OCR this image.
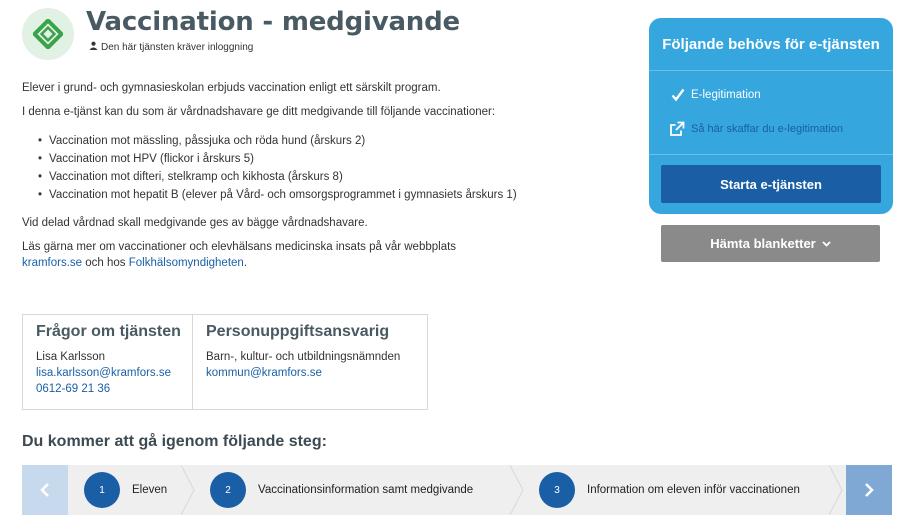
Vaccination - medgivande
Den här tjänsten kräver inloggning

Elever i grund- och gymnasieskolan erbjuds vaccination enligt ett särskilt program.

I denna e-tjänst kan du som är vårdnadshavare ge ditt medgivande till följande vaccinationer:

• Vaccination mot mässling, påssjuka och röda hund (årskurs 2)
• Vaccination mot HPV (flickor i årskurs 5)
• Vaccination mot difteri, stelkramp och kikhosta (årskurs 8)
• Vaccination mot hepatit B (elever på Vård- och omsorgsprogrammet i gymnasiets årskurs 1)

Vid delad vårdnad skall medgivande ges av bägge vårdnadshavare.

Läs gärna mer om vaccinationer och elevhälsans medicinska insats på vår webbplats
kramfors.se och hos Folkhälsomyndigheten.

Frågor om tjänsten
Lisa Karlsson
lisa.karlsson@kramfors.se
0612-69 21 36
Personuppgiftsansvarig
Barn-, kultur- och utbildningsnämnden
kommun@kramfors.se
Du kommer att gå igenom följande steg:
1	Eleven	2	Vaccinationsinformation samt medgivande	3	Information om eleven inför vaccinationen
Följande behövs för e-tjänsten
E-legitimation
Så här skaffar du e-legitimation
Starta e-tjänsten
Hämta blanketter
